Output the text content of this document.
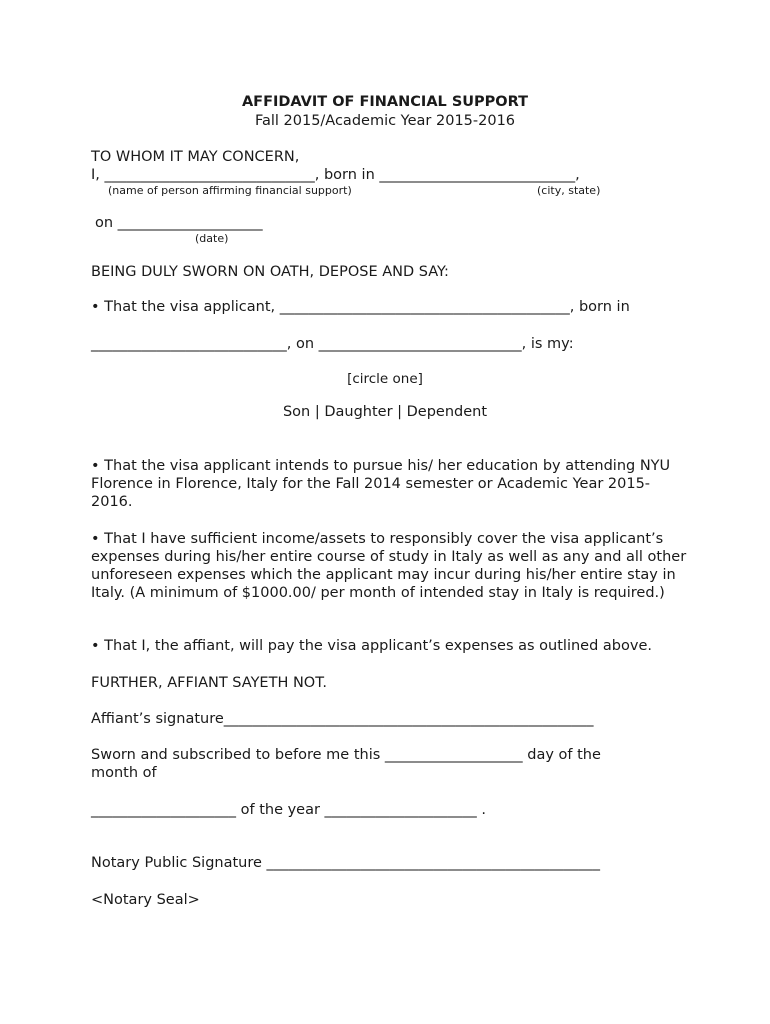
AFFIDAVIT OF FINANCIAL SUPPORT
Fall 2015/Academic Year 2015-2016
TO WHOM IT MAY CONCERN,
I, _____________________________, born in ___________________________,
(name of person affirming financial support)	(city, state)
on ____________________
(date)
BEING DULY SWORN ON OATH, DEPOSE AND SAY:
• That the visa applicant, ________________________________________, born in
___________________________, on ____________________________, is my:
[circle one]
Son | Daughter | Dependent
• That the visa applicant intends to pursue his/ her education by attending NYU Florence in Florence, Italy for the Fall 2014 semester or Academic Year 2015-2016.
• That I have sufficient income/assets to responsibly cover the visa applicant’s expenses during his/her entire course of study in Italy as well as any and all other unforeseen expenses which the applicant may incur during his/her entire stay in Italy. (A minimum of $1000.00/ per month of intended stay in Italy is required.)
• That I, the affiant, will pay the visa applicant’s expenses as outlined above.
FURTHER, AFFIANT SAYETH NOT.
Affiant’s signature___________________________________________________
Sworn and subscribed to before me this ___________________ day of the
month of
____________________ of the year _____________________ .
Notary Public Signature ______________________________________________
<Notary Seal>
